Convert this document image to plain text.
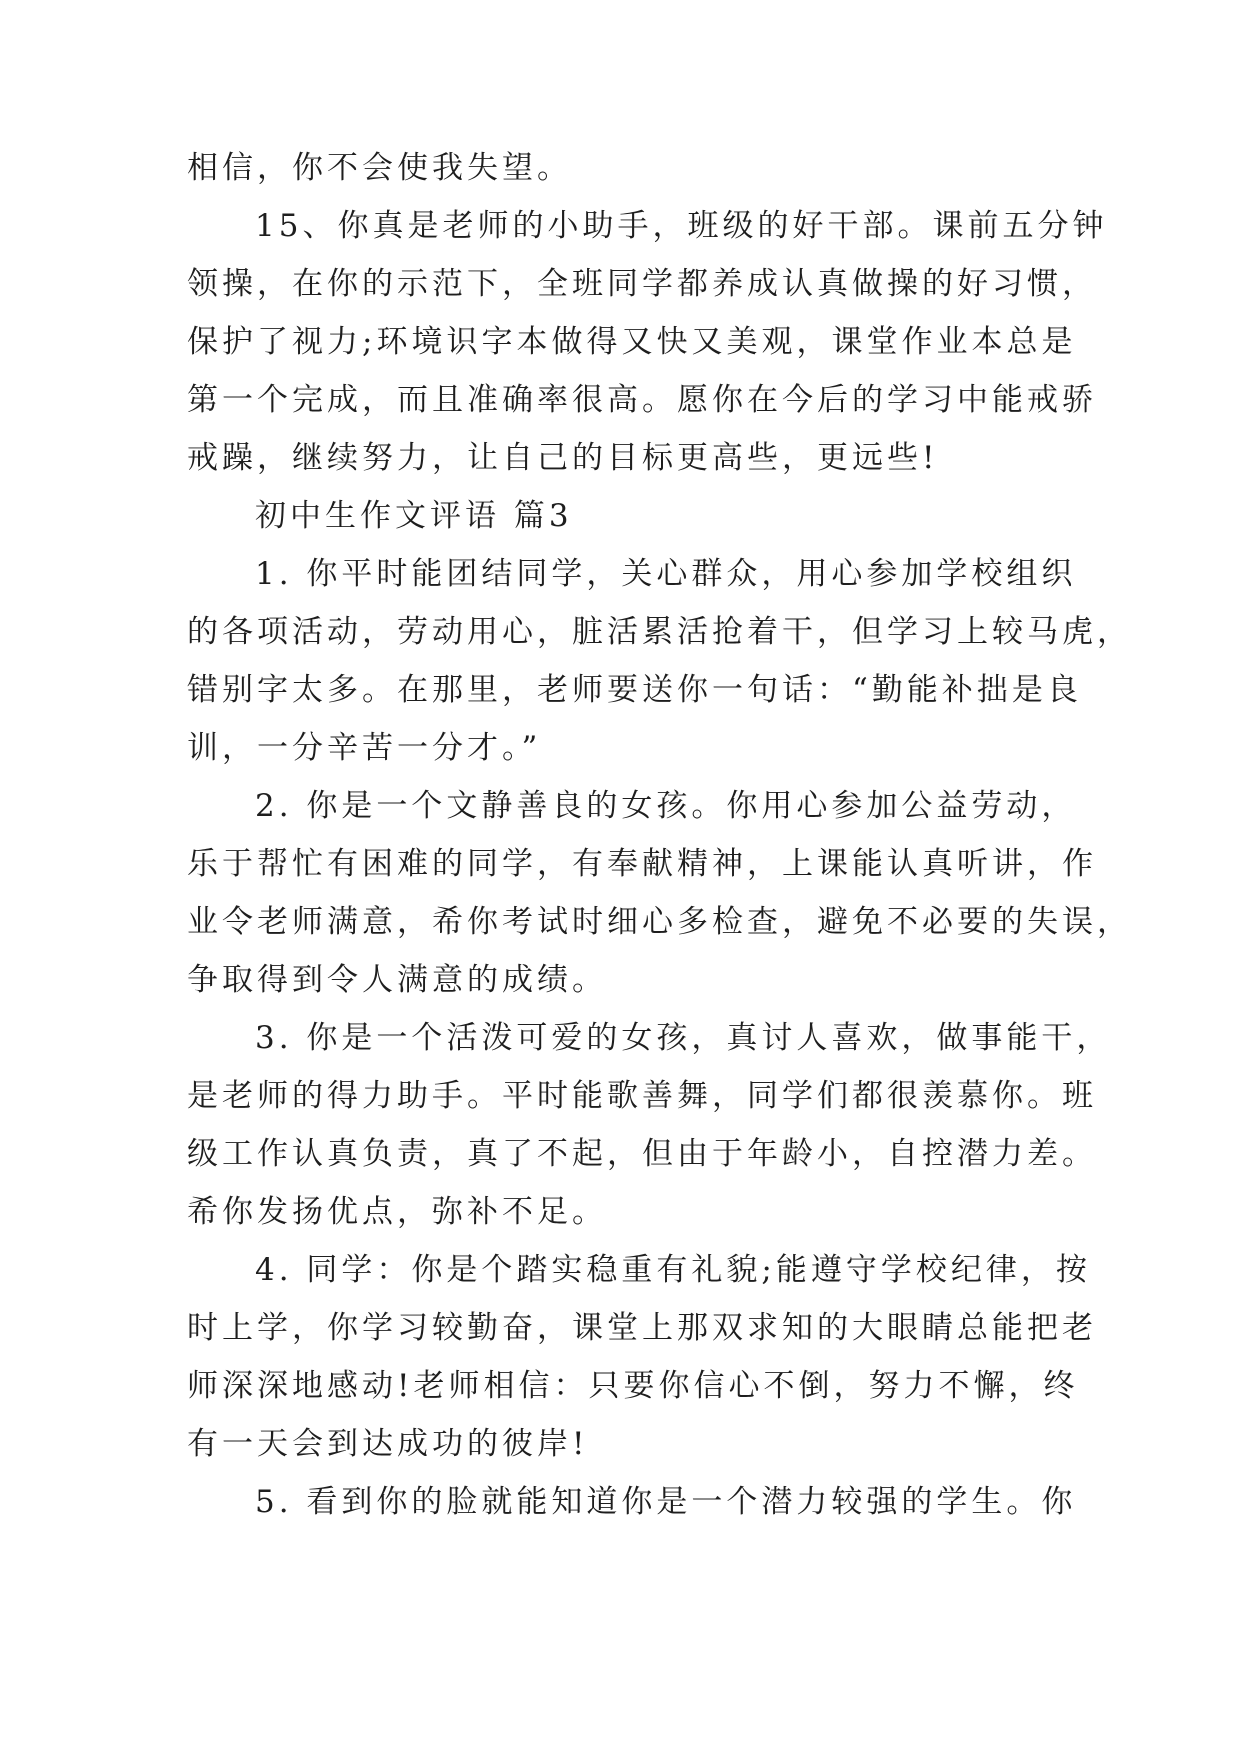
相信，你不会使我失望。
15、你真是老师的小助手，班级的好干部。课前五分钟
领操，在你的示范下，全班同学都养成认真做操的好习惯，
保护了视力;环境识字本做得又快又美观，课堂作业本总是
第一个完成，而且准确率很高。愿你在今后的学习中能戒骄
戒躁，继续努力，让自己的目标更高些，更远些!
初中生作文评语 篇3
1. 你平时能团结同学，关心群众，用心参加学校组织
的各项活动，劳动用心，脏活累活抢着干，但学习上较马虎，
错别字太多。在那里，老师要送你一句话：“勤能补拙是良
训，一分辛苦一分才。”
2. 你是一个文静善良的女孩。你用心参加公益劳动，
乐于帮忙有困难的同学，有奉献精神，上课能认真听讲，作
业令老师满意，希你考试时细心多检查，避免不必要的失误，
争取得到令人满意的成绩。
3. 你是一个活泼可爱的女孩，真讨人喜欢，做事能干，
是老师的得力助手。平时能歌善舞，同学们都很羡慕你。班
级工作认真负责，真了不起，但由于年龄小，自控潜力差。
希你发扬优点，弥补不足。
4. 同学：你是个踏实稳重有礼貌;能遵守学校纪律，按
时上学，你学习较勤奋，课堂上那双求知的大眼睛总能把老
师深深地感动!老师相信：只要你信心不倒，努力不懈，终
有一天会到达成功的彼岸!
5. 看到你的脸就能知道你是一个潜力较强的学生。你
